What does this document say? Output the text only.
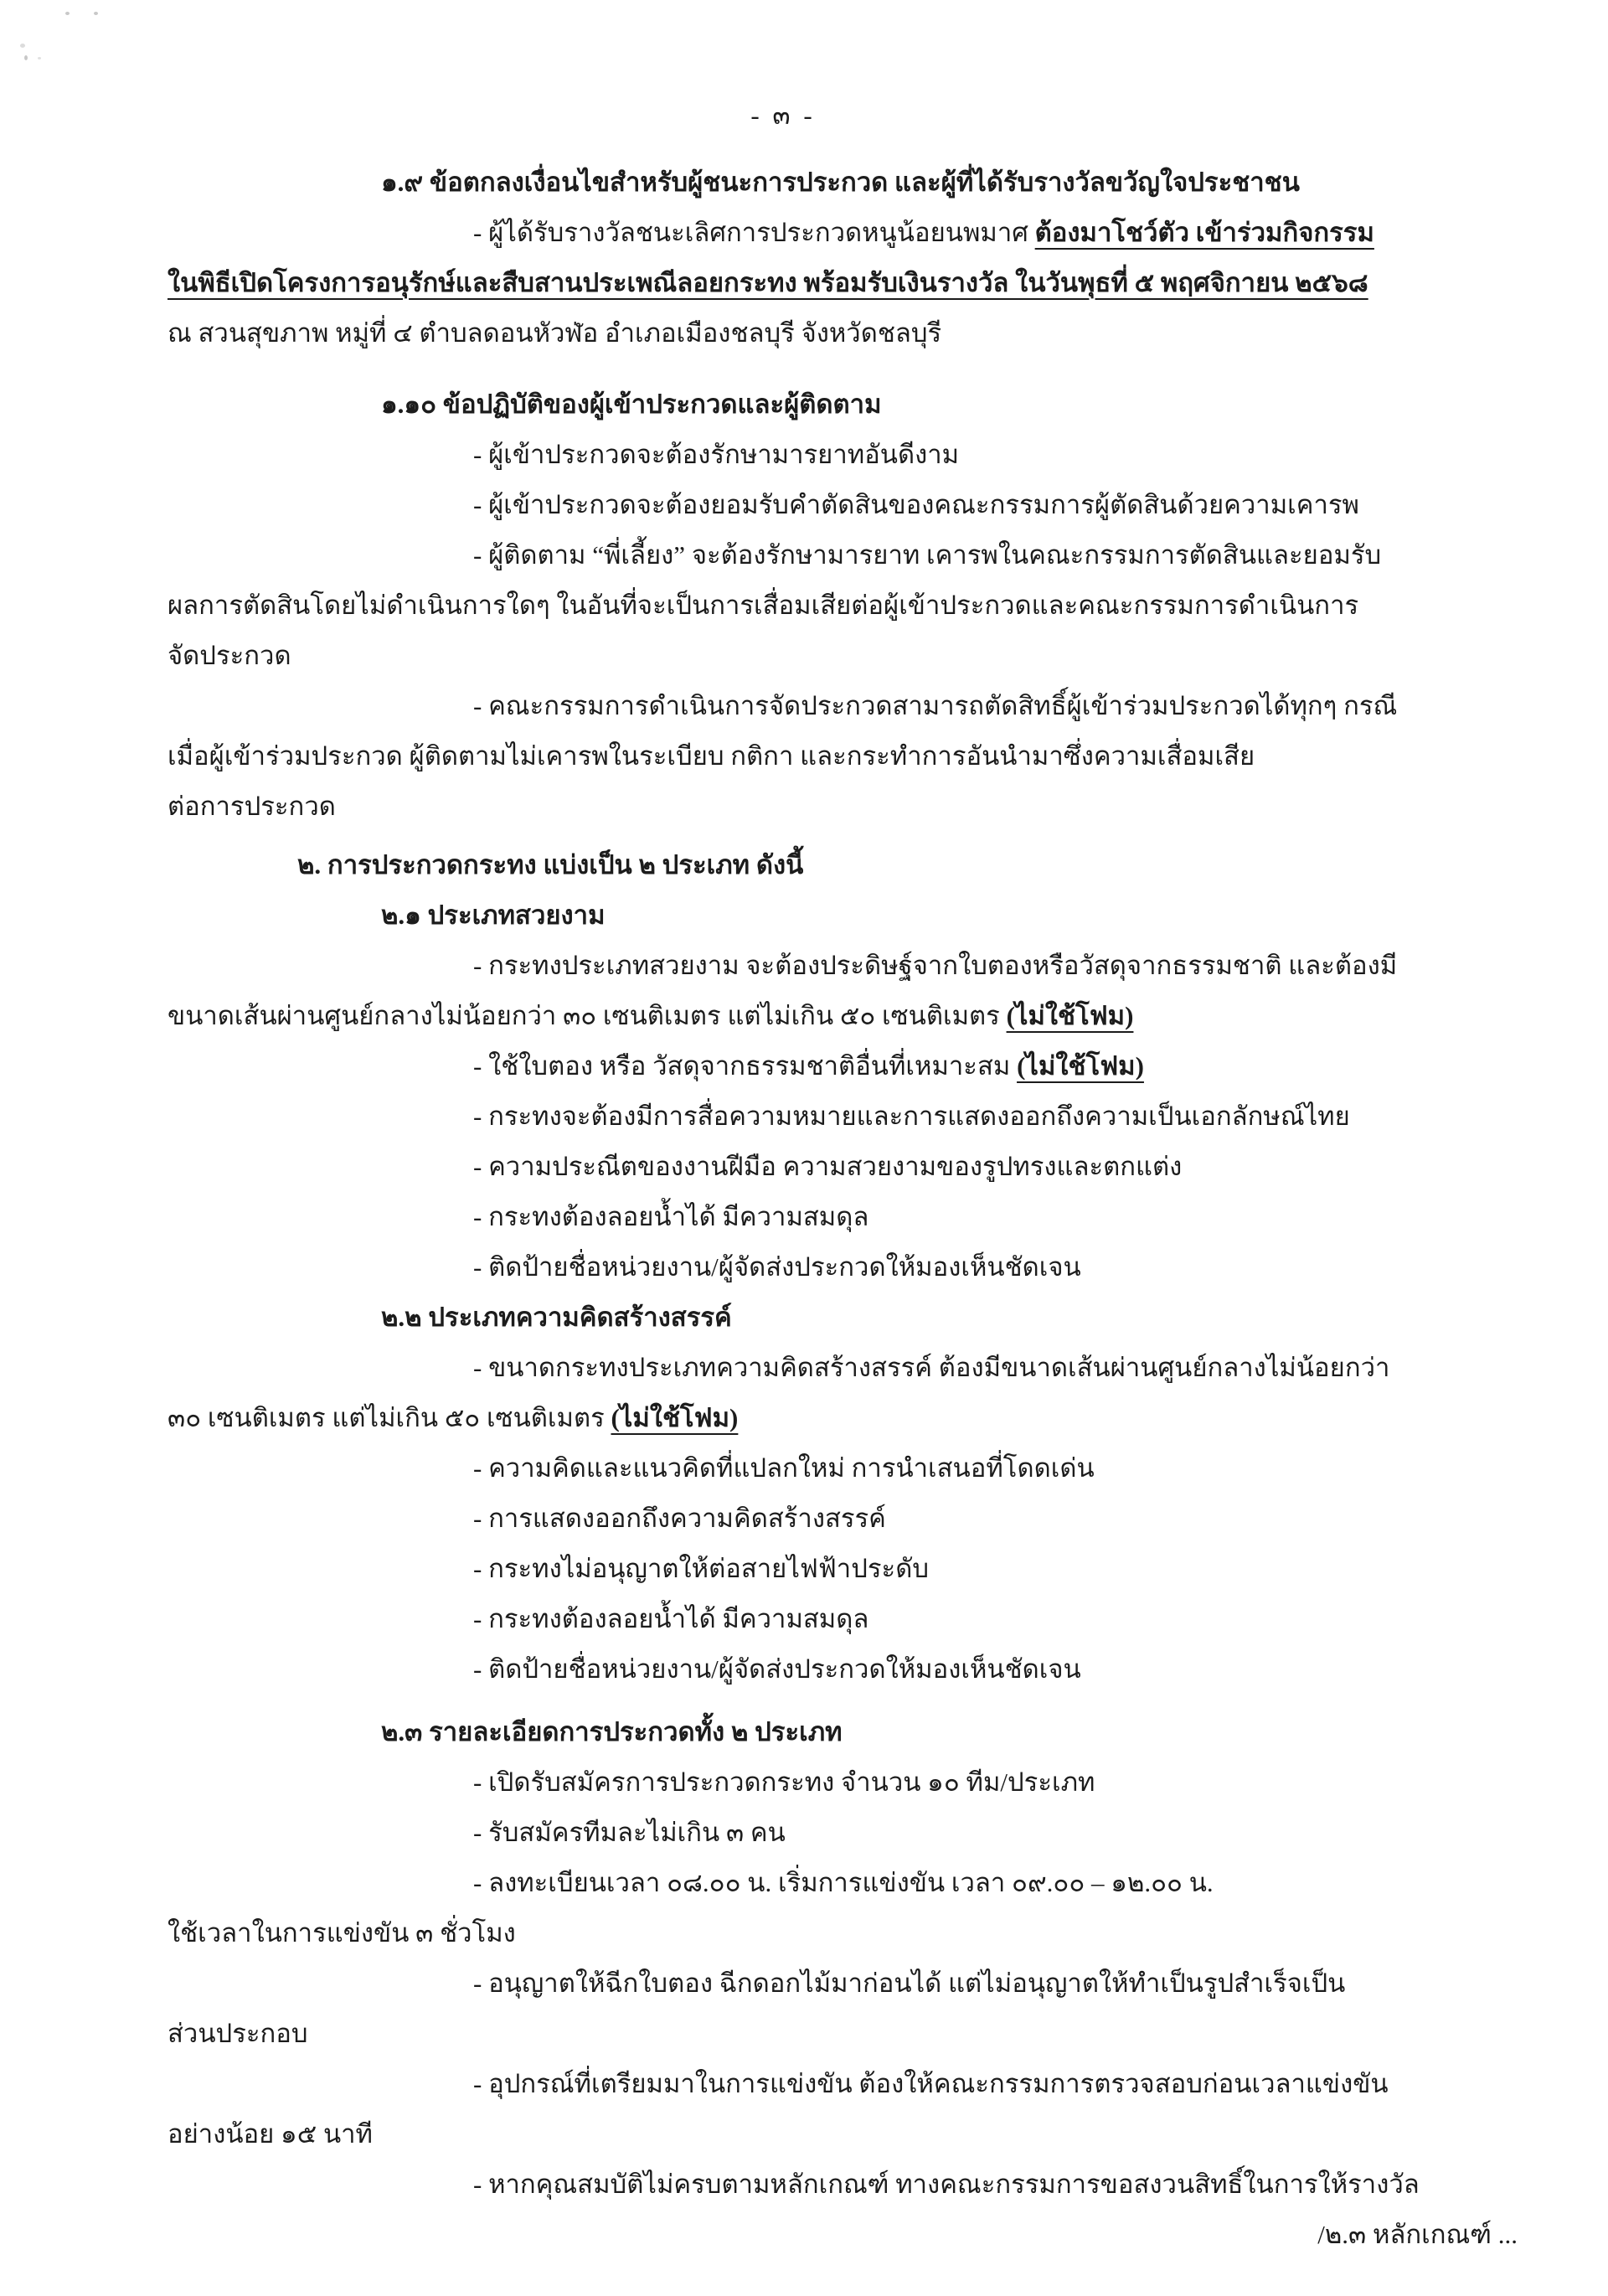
- ๓ -
๑.๙ ข้อตกลงเงื่อนไขสำหรับผู้ชนะการประกวด และผู้ที่ได้รับรางวัลขวัญใจประชาชน
- ผู้ได้รับรางวัลชนะเลิศการประกวดหนูน้อยนพมาศ ต้องมาโชว์ตัว เข้าร่วมกิจกรรม
ในพิธีเปิดโครงการอนุรักษ์และสืบสานประเพณีลอยกระทง พร้อมรับเงินรางวัล ในวันพุธที่ ๕ พฤศจิกายน ๒๕๖๘
ณ สวนสุขภาพ หมู่ที่ ๔ ตำบลดอนหัวฬ่อ อำเภอเมืองชลบุรี จังหวัดชลบุรี
๑.๑๐ ข้อปฏิบัติของผู้เข้าประกวดและผู้ติดตาม
- ผู้เข้าประกวดจะต้องรักษามารยาทอันดีงาม
- ผู้เข้าประกวดจะต้องยอมรับคำตัดสินของคณะกรรมการผู้ตัดสินด้วยความเคารพ
- ผู้ติดตาม “พี่เลี้ยง” จะต้องรักษามารยาท เคารพในคณะกรรมการตัดสินและยอมรับ
ผลการตัดสินโดยไม่ดำเนินการใดๆ ในอันที่จะเป็นการเสื่อมเสียต่อผู้เข้าประกวดและคณะกรรมการดำเนินการ
จัดประกวด
- คณะกรรมการดำเนินการจัดประกวดสามารถตัดสิทธิ์ผู้เข้าร่วมประกวดได้ทุกๆ กรณี
เมื่อผู้เข้าร่วมประกวด ผู้ติดตามไม่เคารพในระเบียบ กติกา และกระทำการอันนำมาซึ่งความเสื่อมเสีย
ต่อการประกวด
๒. การประกวดกระทง แบ่งเป็น ๒ ประเภท ดังนี้
๒.๑ ประเภทสวยงาม
- กระทงประเภทสวยงาม จะต้องประดิษฐ์จากใบตองหรือวัสดุจากธรรมชาติ และต้องมี
ขนาดเส้นผ่านศูนย์กลางไม่น้อยกว่า ๓๐ เซนติเมตร แต่ไม่เกิน ๕๐ เซนติเมตร (ไม่ใช้โฟม)
- ใช้ใบตอง หรือ วัสดุจากธรรมชาติอื่นที่เหมาะสม (ไม่ใช้โฟม)
- กระทงจะต้องมีการสื่อความหมายและการแสดงออกถึงความเป็นเอกลักษณ์ไทย
- ความประณีตของงานฝีมือ ความสวยงามของรูปทรงและตกแต่ง
- กระทงต้องลอยน้ำได้ มีความสมดุล
- ติดป้ายชื่อหน่วยงาน/ผู้จัดส่งประกวดให้มองเห็นชัดเจน
๒.๒ ประเภทความคิดสร้างสรรค์
- ขนาดกระทงประเภทความคิดสร้างสรรค์ ต้องมีขนาดเส้นผ่านศูนย์กลางไม่น้อยกว่า
๓๐ เซนติเมตร แต่ไม่เกิน ๕๐ เซนติเมตร (ไม่ใช้โฟม)
- ความคิดและแนวคิดที่แปลกใหม่ การนำเสนอที่โดดเด่น
- การแสดงออกถึงความคิดสร้างสรรค์
- กระทงไม่อนุญาตให้ต่อสายไฟฟ้าประดับ
- กระทงต้องลอยน้ำได้ มีความสมดุล
- ติดป้ายชื่อหน่วยงาน/ผู้จัดส่งประกวดให้มองเห็นชัดเจน
๒.๓ รายละเอียดการประกวดทั้ง ๒ ประเภท
- เปิดรับสมัครการประกวดกระทง จำนวน ๑๐ ทีม/ประเภท
- รับสมัครทีมละไม่เกิน ๓ คน
- ลงทะเบียนเวลา ๐๘.๐๐ น. เริ่มการแข่งขัน เวลา ๐๙.๐๐ – ๑๒.๐๐ น.
ใช้เวลาในการแข่งขัน ๓ ชั่วโมง
- อนุญาตให้ฉีกใบตอง ฉีกดอกไม้มาก่อนได้ แต่ไม่อนุญาตให้ทำเป็นรูปสำเร็จเป็น
ส่วนประกอบ
- อุปกรณ์ที่เตรียมมาในการแข่งขัน ต้องให้คณะกรรมการตรวจสอบก่อนเวลาแข่งขัน
อย่างน้อย ๑๕ นาที
- หากคุณสมบัติไม่ครบตามหลักเกณฑ์ ทางคณะกรรมการขอสงวนสิทธิ์ในการให้รางวัล
/๒.๓ หลักเกณฑ์ ...
